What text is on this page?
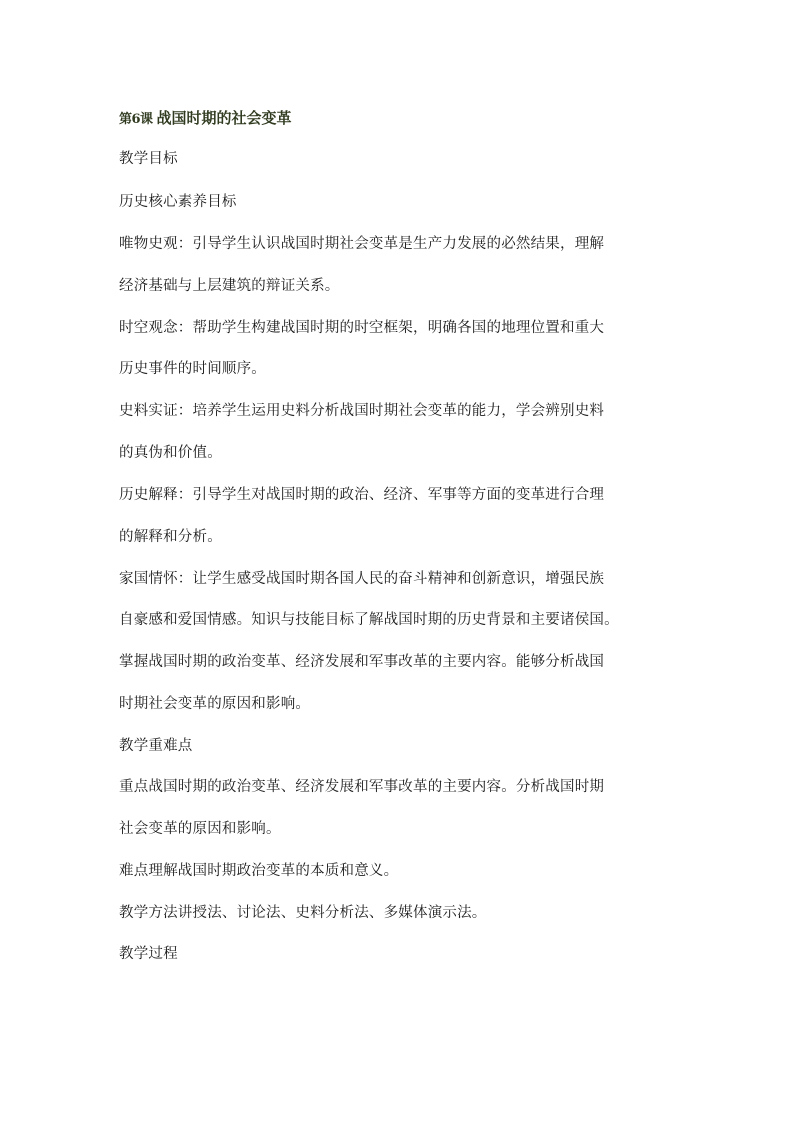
第6课 战国时期的社会变革
教学目标
历史核心素养目标
唯物史观：引导学生认识战国时期社会变革是生产力发展的必然结果，理解
经济基础与上层建筑的辩证关系。
时空观念：帮助学生构建战国时期的时空框架，明确各国的地理位置和重大
历史事件的时间顺序。
史料实证：培养学生运用史料分析战国时期社会变革的能力，学会辨别史料
的真伪和价值。
历史解释：引导学生对战国时期的政治、经济、军事等方面的变革进行合理
的解释和分析。
家国情怀：让学生感受战国时期各国人民的奋斗精神和创新意识，增强民族
自豪感和爱国情感。知识与技能目标了解战国时期的历史背景和主要诸侯国。
掌握战国时期的政治变革、经济发展和军事改革的主要内容。能够分析战国
时期社会变革的原因和影响。
教学重难点
重点战国时期的政治变革、经济发展和军事改革的主要内容。分析战国时期
社会变革的原因和影响。
难点理解战国时期政治变革的本质和意义。
教学方法讲授法、讨论法、史料分析法、多媒体演示法。
教学过程
